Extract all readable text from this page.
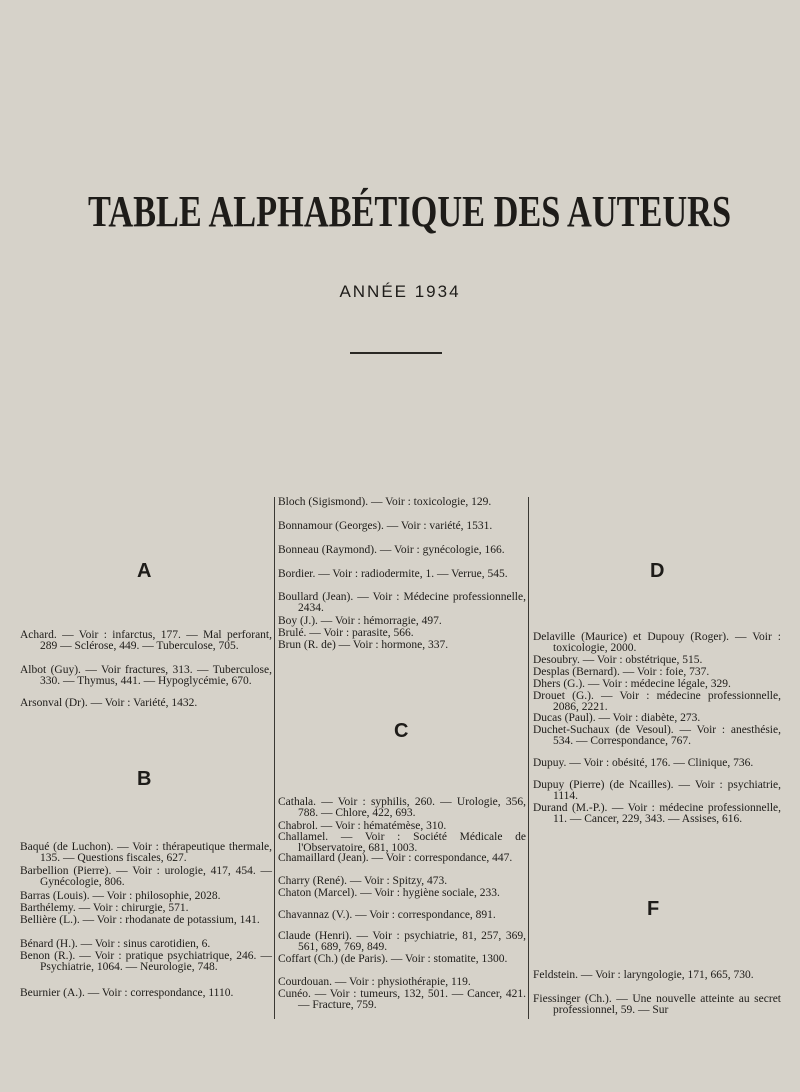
TABLE ALPHABÉTIQUE DES AUTEURS
ANNÉE 1934
A
Achard. — Voir : infarctus, 177. — Mal perforant, 289 — Sclérose, 449. — Tuberculose, 705.
Albot (Guy). — Voir fractures, 313. — Tuberculose, 330. — Thymus, 441. — Hypoglycémie, 670.
Arsonval (Dr). — Voir : Variété, 1432.
B
Baqué (de Luchon). — Voir : thérapeutique thermale, 135. — Questions fiscales, 627.
Barbellion (Pierre). — Voir : urologie, 417, 454. — Gynécologie, 806.
Barras (Louis). — Voir : philosophie, 2028.
Barthélemy. — Voir : chirurgie, 571.
Bellière (L.). — Voir : rhodanate de potassium, 141.
Bénard (H.). — Voir : sinus carotidien, 6.
Benon (R.). — Voir : pratique psychiatrique, 246. — Psychiatrie, 1064. — Neurologie, 748.
Beurnier (A.). — Voir : correspondance, 1110.
Bloch (Sigismond). — Voir : toxicologie, 129.
Bonnamour (Georges). — Voir : variété, 1531.
Bonneau (Raymond). — Voir : gynécologie, 166.
Bordier. — Voir : radiodermite, 1. — Verrue, 545.
Boullard (Jean). — Voir : Médecine professionnelle, 2434.
Boy (J.). — Voir : hémorragie, 497.
Brulé. — Voir : parasite, 566.
Brun (R. de) — Voir : hormone, 337.
C
Cathala. — Voir : syphilis, 260. — Urologie, 356, 788. — Chlore, 422, 693.
Chabrol. — Voir : hématémèse, 310.
Challamel. — Voir : Société Médicale de l'Observatoire, 681, 1003.
Chamaillard (Jean). — Voir : correspondance, 447.
Charry (René). — Voir : Spitzy, 473.
Chaton (Marcel). — Voir : hygiène sociale, 233.
Chavannaz (V.). — Voir : correspondance, 891.
Claude (Henri). — Voir : psychiatrie, 81, 257, 369, 561, 689, 769, 849.
Coffart (Ch.) (de Paris). — Voir : stomatite, 1300.
Courdouan. — Voir : physiothérapie, 119.
Cunéo. — Voir : tumeurs, 132, 501. — Cancer, 421. — Fracture, 759.
D
Delaville (Maurice) et Dupouy (Roger). — Voir : toxicologie, 2000.
Desoubry. — Voir : obstétrique, 515.
Desplas (Bernard). — Voir : foie, 737.
Dhers (G.). — Voir : médecine légale, 329.
Drouet (G.). — Voir : médecine professionnelle, 2086, 2221.
Ducas (Paul). — Voir : diabète, 273.
Duchet-Suchaux (de Vesoul). — Voir : anesthésie, 534. — Correspondance, 767.
Dupuy. — Voir : obésité, 176. — Clinique, 736.
Dupuy (Pierre) (de Ncailles). — Voir : psychiatrie, 1114.
Durand (M.-P.). — Voir : médecine professionnelle, 11. — Cancer, 229, 343. — Assises, 616.
F
Feldstein. — Voir : laryngologie, 171, 665, 730.
Fiessinger (Ch.). — Une nouvelle atteinte au secret professionnel, 59. — Sur
